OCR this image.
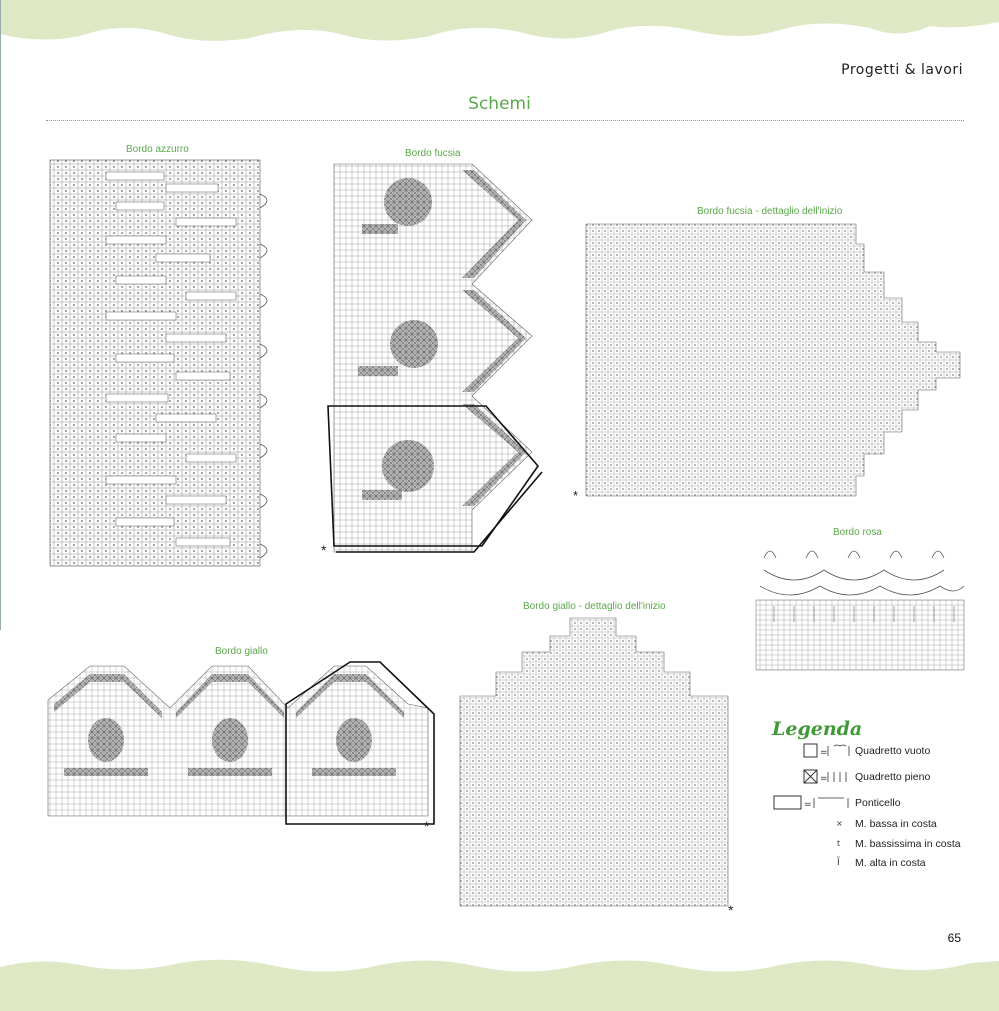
Progetti & lavori
Schemi
Bordo azzurro	Bordo fucsia
Bordo fucsia - dettaglio dell'inizio
Bordo rosa
Bordo giallo
Bordo giallo - dettaglio dell'inizio
*
*
*
*
Legenda
=
=
=
×
t
Ĩ
Quadretto vuoto
Quadretto pieno
Ponticello
M. bassa in costa
M. bassissima in costa
M. alta in costa
65
